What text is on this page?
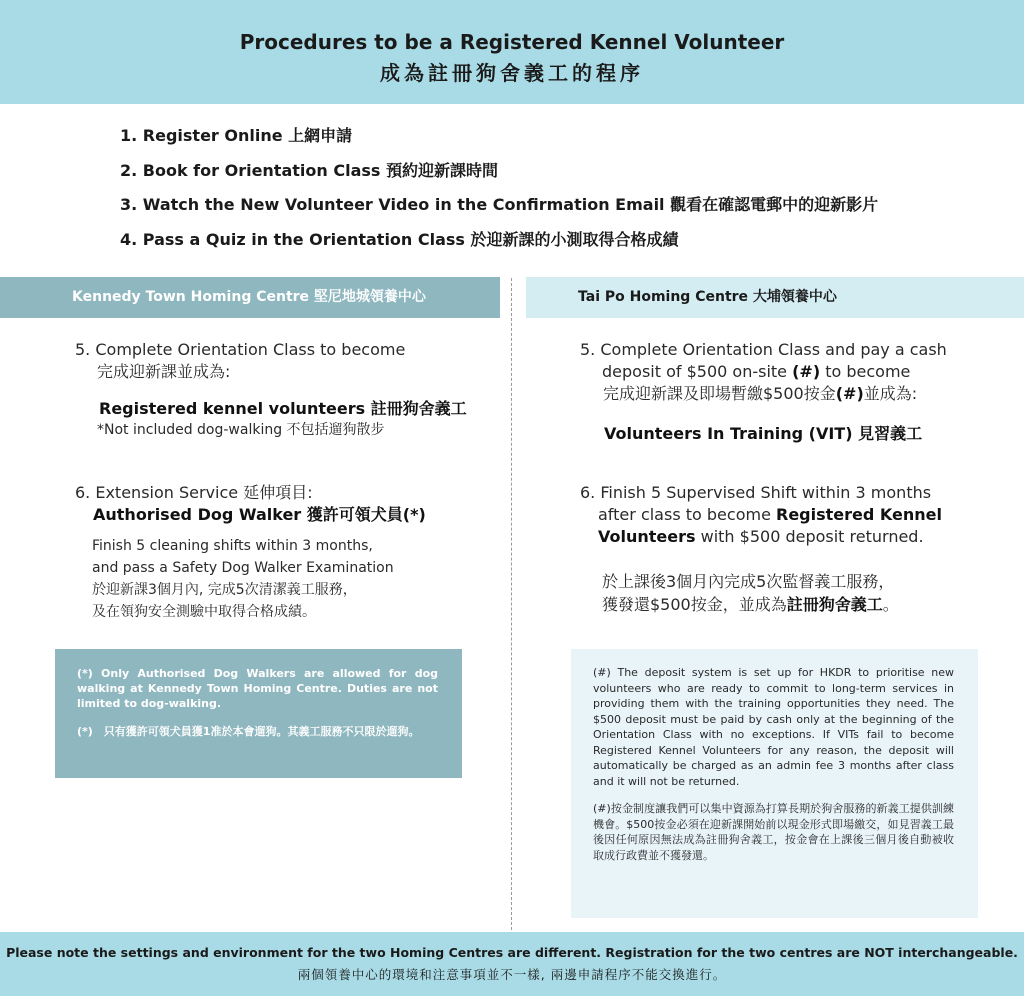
Procedures to be a Registered Kennel Volunteer
成為註冊狗舍義工的程序
1. Register Online 上網申請
2. Book for Orientation Class 預約迎新課時間
3. Watch the New Volunteer Video in the Confirmation Email 觀看在確認電郵中的迎新影片
4. Pass a Quiz in the Orientation Class 於迎新課的小測取得合格成績
Kennedy Town Homing Centre 堅尼地城領養中心
5. Complete Orientation Class to become
完成迎新課並成為:
Registered kennel volunteers 註冊狗舍義工
*Not included dog-walking 不包括遛狗散步
6. Extension Service 延伸項目:
Authorised Dog Walker 獲許可領犬員(*)
Finish 5 cleaning shifts within 3 months,
and pass a Safety Dog Walker Examination
於迎新課3個月內, 完成5次清潔義工服務，
及在領狗安全測驗中取得合格成績。

(*) Only Authorised Dog Walkers are allowed for dog walking at Kennedy Town Homing Centre. Duties are not limited to dog-walking.

(*)　只有獲許可領犬員獲1准於本會遛狗。其義工服務不只限於遛狗。

Tai Po Homing Centre 大埔領養中心
5. Complete Orientation Class and pay a cash
deposit of $500 on-site (#) to become
完成迎新課及即場暫繳$500按金(#)並成為:
Volunteers In Training (VIT) 見習義工
6. Finish 5 Supervised Shift within 3 months
after class to become Registered Kennel
Volunteers with $500 deposit returned.
於上課後3個月內完成5次監督義工服務，
獲發還$500按金，並成為註冊狗舍義工。

(#) The deposit system is set up for HKDR to prioritise new volunteers who are ready to commit to long-term services in providing them with the training opportunities they need. The $500 deposit must be paid by cash only at the beginning of the Orientation Class with no exceptions. If VITs fail to become Registered Kennel Volunteers for any reason, the deposit will automatically be charged as an admin fee 3 months after class and it will not be returned.

(#)按金制度讓我們可以集中資源為打算長期於狗舍服務的新義工提供訓練機會。$500按金必須在迎新課開始前以現金形式即場繳交，如見習義工最後因任何原因無法成為註冊狗舍義工，按金會在上課後三個月後自動被收取成行政費並不獲發還。

Please note the settings and environment for the two Homing Centres are different. Registration for the two centres are NOT interchangeable.
兩個領養中心的環境和注意事項並不一樣, 兩邊申請程序不能交換進行。
